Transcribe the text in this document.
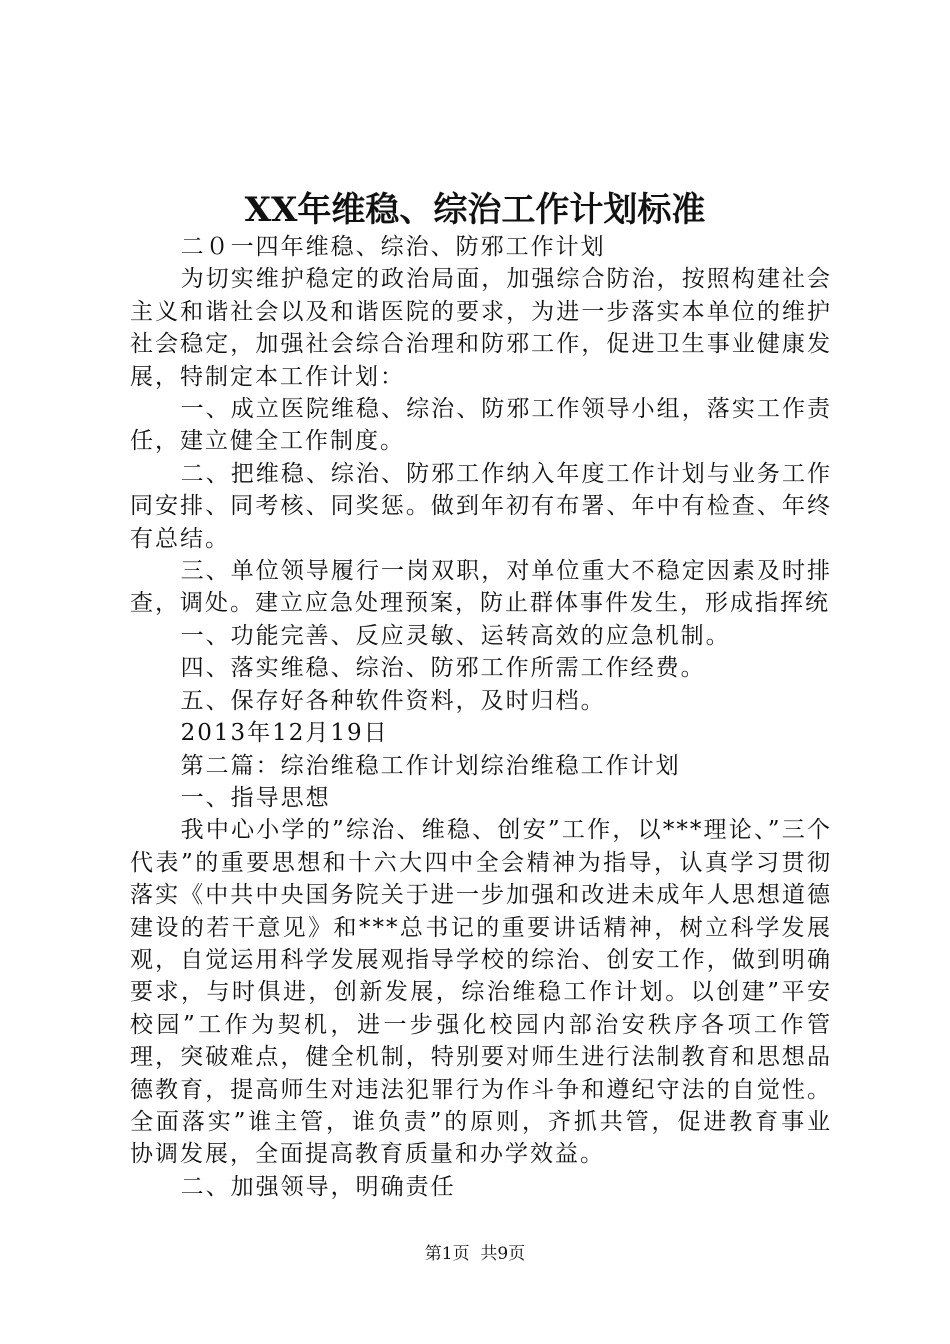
XX年维稳、综治工作计划标准

二０一四年维稳、综治、防邪工作计划

为切实维护稳定的政治局面，加强综合防治，按照构建社会主义和谐社会以及和谐医院的要求，为进一步落实本单位的维护社会稳定，加强社会综合治理和防邪工作，促进卫生事业健康发展，特制定本工作计划：

一、成立医院维稳、综治、防邪工作领导小组，落实工作责任，建立健全工作制度。

二、把维稳、综治、防邪工作纳入年度工作计划与业务工作同安排、同考核、同奖惩。做到年初有布署、年中有检查、年终有总结。

三、单位领导履行一岗双职，对单位重大不稳定因素及时排查，调处。建立应急处理预案，防止群体事件发生，形成指挥统

一、功能完善、反应灵敏、运转高效的应急机制。

四、落实维稳、综治、防邪工作所需工作经费。

五、保存好各种软件资料，及时归档。

2013年12月19日

第二篇：综治维稳工作计划综治维稳工作计划

一、指导思想

我中心小学的”综治、维稳、创安”工作，以***理论、”三个代表”的重要思想和十六大四中全会精神为指导，认真学习贯彻落实《中共中央国务院关于进一步加强和改进未成年人思想道德建设的若干意见》和***总书记的重要讲话精神，树立科学发展观，自觉运用科学发展观指导学校的综治、创安工作，做到明确要求，与时俱进，创新发展，综治维稳工作计划。以创建”平安校园”工作为契机，进一步强化校园内部治安秩序各项工作管理，突破难点，健全机制，特别要对师生进行法制教育和思想品德教育，提高师生对违法犯罪行为作斗争和遵纪守法的自觉性。全面落实”谁主管，谁负责”的原则，齐抓共管，促进教育事业协调发展，全面提高教育质量和办学效益。

二、加强领导，明确责任

第1页  共9页
